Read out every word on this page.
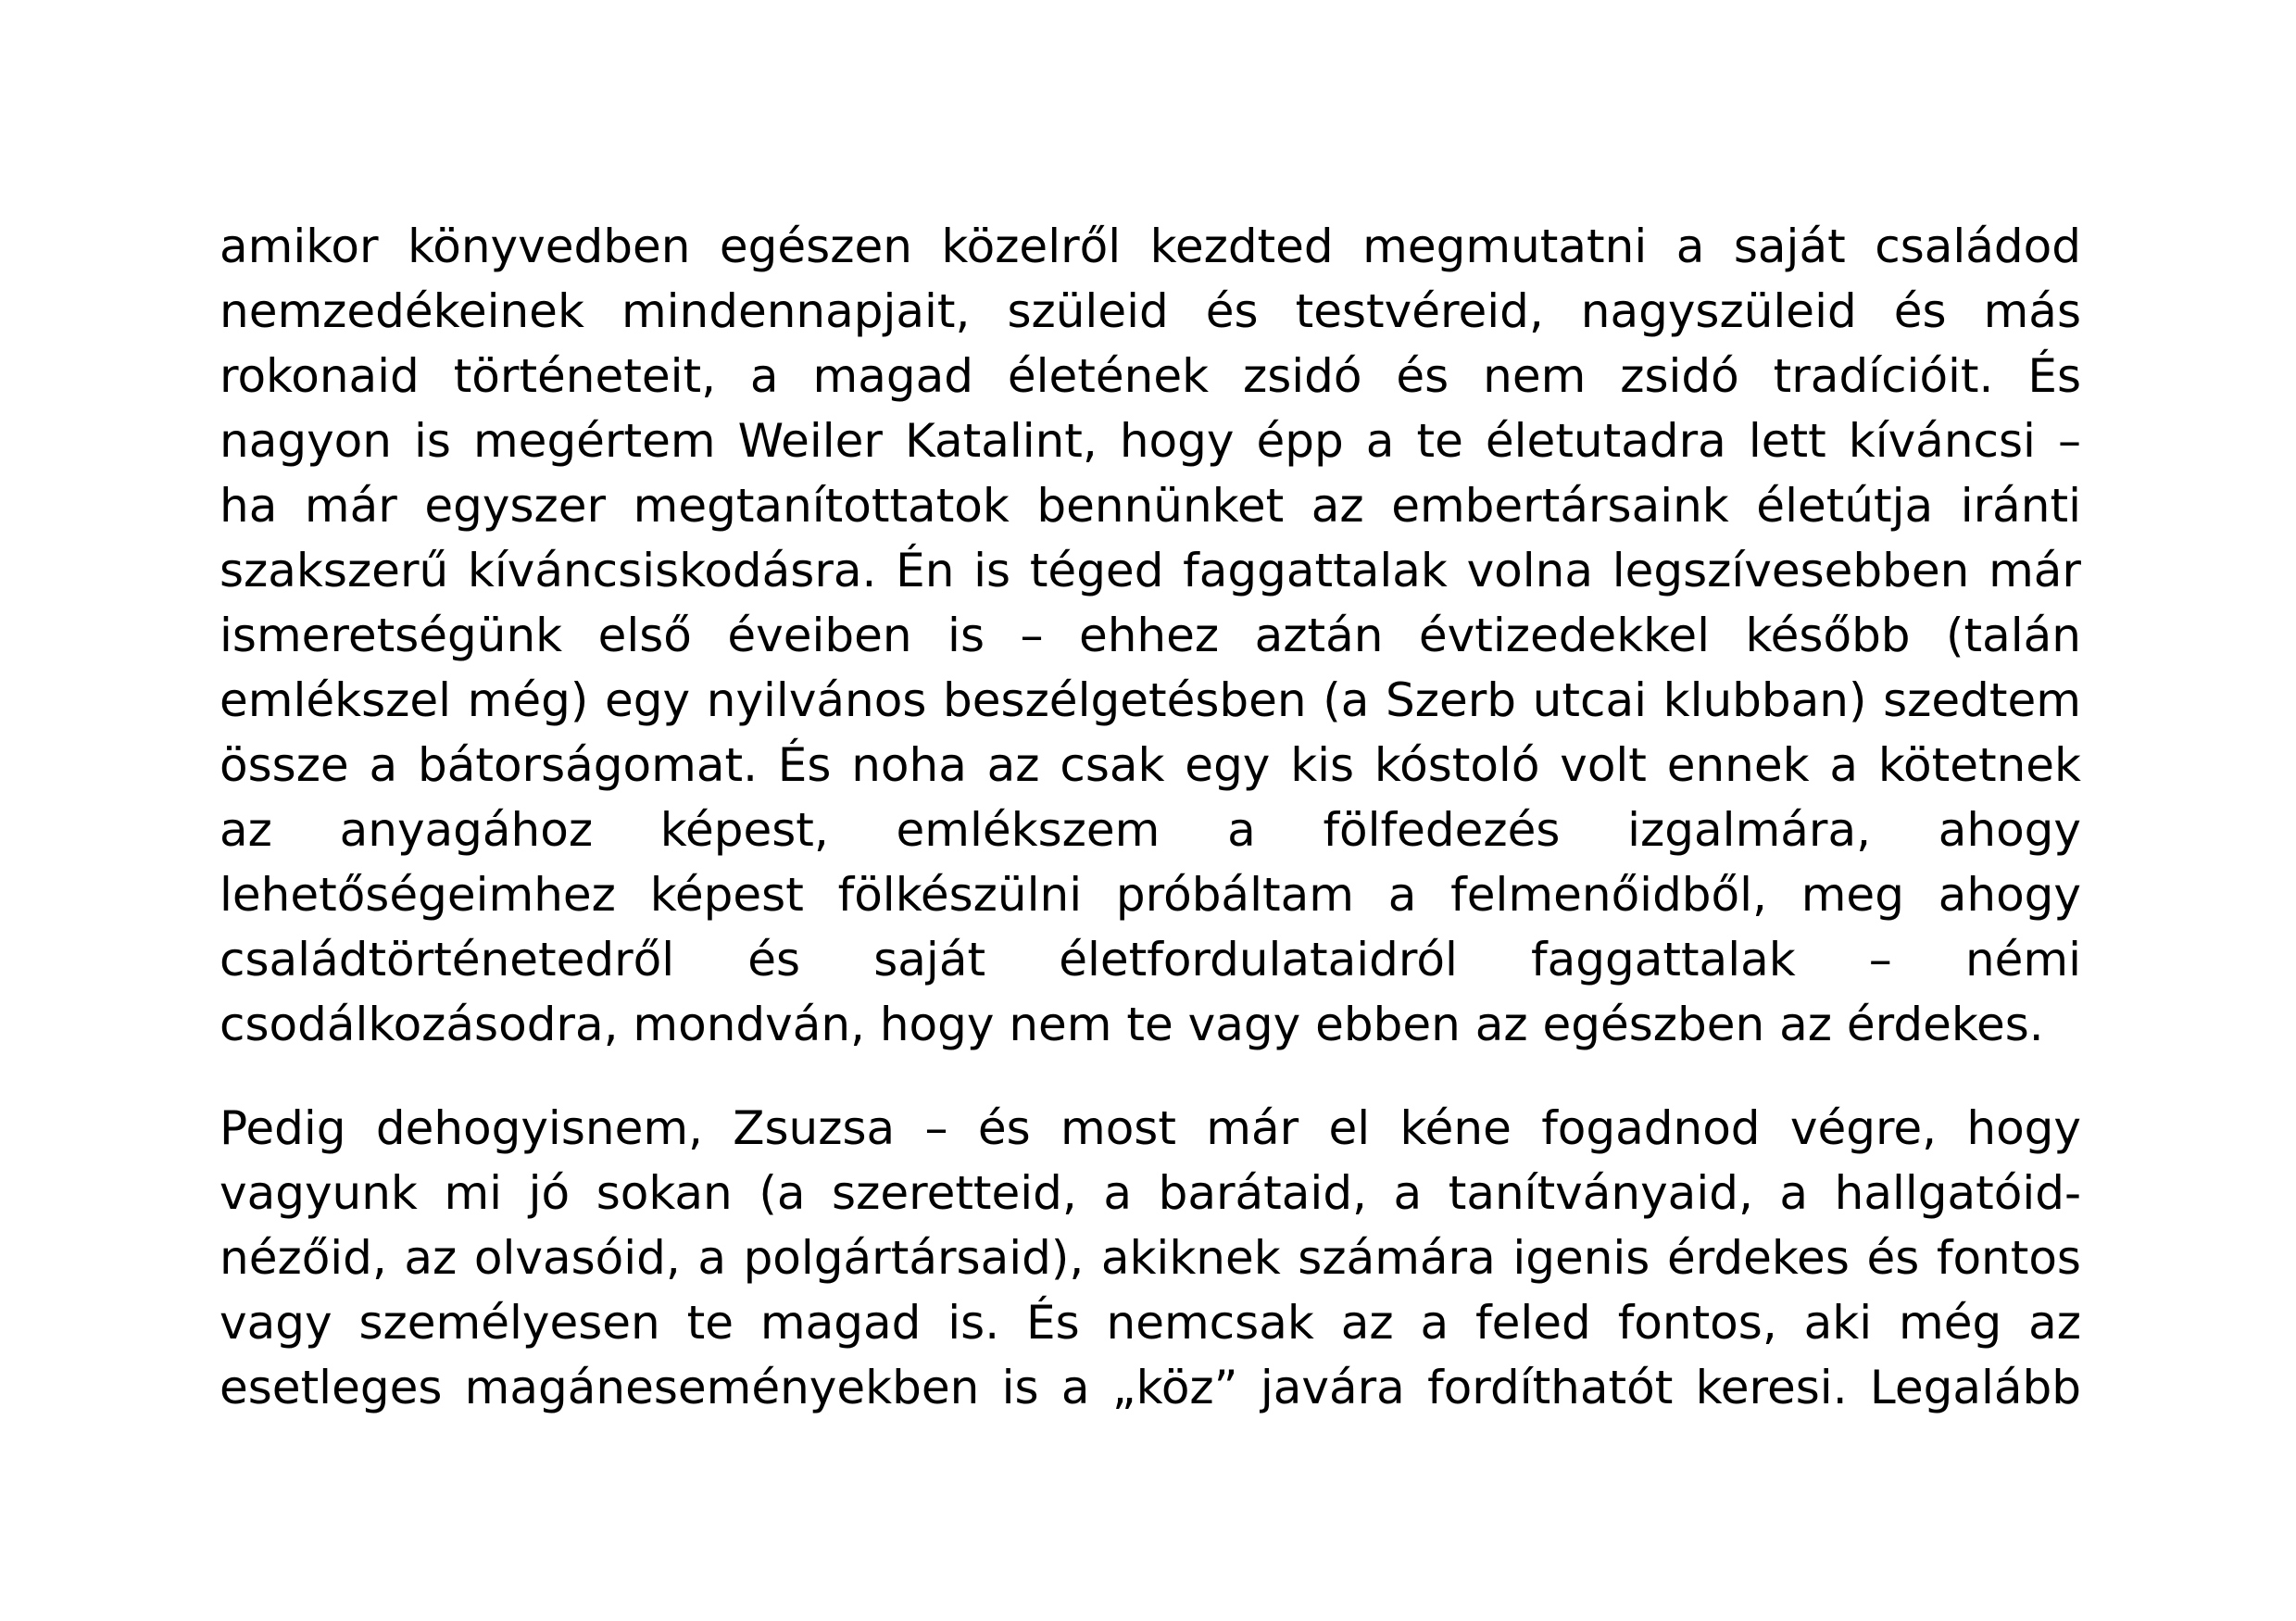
amikor könyvedben egészen közelről kezdted megmutatni a saját családod
nemzedékeinek mindennapjait, szüleid és testvéreid, nagyszüleid és más
rokonaid történeteit, a magad életének zsidó és nem zsidó tradícióit. És
nagyon is megértem Weiler Katalint, hogy épp a te életutadra lett kíváncsi –
ha már egyszer megtanítottatok bennünket az embertársaink életútja iránti
szakszerű kíváncsiskodásra. Én is téged faggattalak volna legszívesebben már
ismeretségünk első éveiben is – ehhez aztán évtizedekkel később (talán
emlékszel még) egy nyilvános beszélgetésben (a Szerb utcai klubban) szedtem
össze a bátorságomat. És noha az csak egy kis kóstoló volt ennek a kötetnek
az anyagához képest, emlékszem a fölfedezés izgalmára, ahogy
lehetőségeimhez képest fölkészülni próbáltam a felmenőidből, meg ahogy
családtörténetedről és saját életfordulataidról faggattalak – némi
csodálkozásodra, mondván, hogy nem te vagy ebben az egészben az érdekes.
Pedig dehogyisnem, Zsuzsa – és most már el kéne fogadnod végre, hogy
vagyunk mi jó sokan (a szeretteid, a barátaid, a tanítványaid, a hallgatóid-
nézőid, az olvasóid, a polgártársaid), akiknek számára igenis érdekes és fontos
vagy személyesen te magad is. És nemcsak az a feled fontos, aki még az
esetleges magáneseményekben is a „köz” javára fordíthatót keresi. Legalább
